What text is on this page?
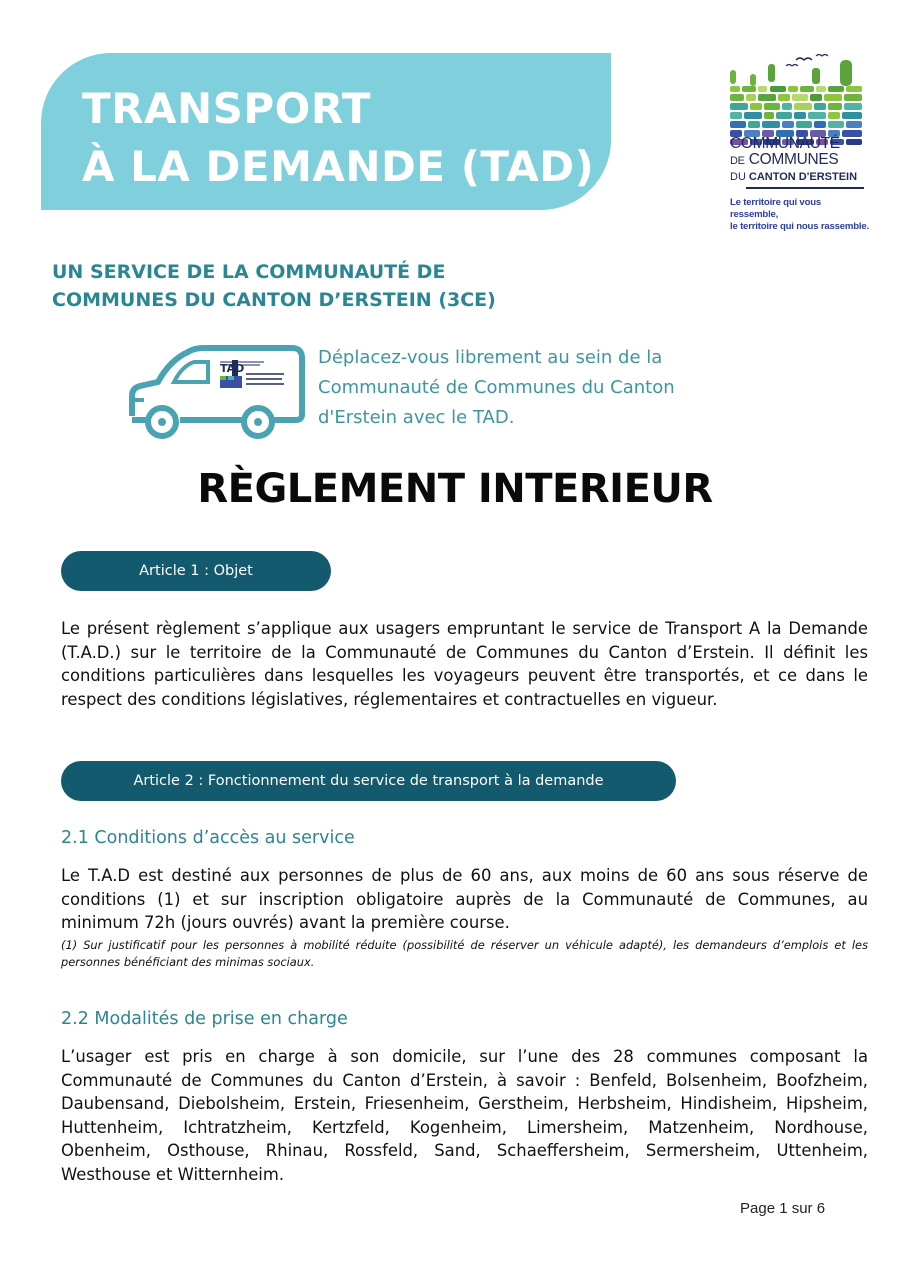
TRANSPORT
À LA DEMANDE (TAD)	COMMUNAUTÉ
DE COMMUNES
DU CANTON D'ERSTEIN
Le territoire qui vous ressemble,
le territoire qui nous rassemble.
UN SERVICE DE LA COMMUNAUTÉ DE
COMMUNES DU CANTON D’ERSTEIN (3CE)
TAD
Déplacez-vous librement au sein de la
Communauté de Communes du Canton
d'Erstein avec le TAD.
RÈGLEMENT INTERIEUR
Article 1 : Objet

Le présent règlement s’applique aux usagers empruntant le service de Transport A la Demande (T.A.D.) sur le territoire de la Communauté de Communes du Canton d’Erstein. Il définit les conditions particulières dans lesquelles les voyageurs peuvent être transportés, et ce dans le respect des conditions législatives, réglementaires et contractuelles en vigueur.

Article 2 : Fonctionnement du service de transport à la demande
2.1 Conditions d’accès au service

Le T.A.D est destiné aux personnes de plus de 60 ans, aux moins de 60 ans sous réserve de conditions (1) et sur inscription obligatoire auprès de la Communauté de Communes, au minimum 72h (jours ouvrés) avant la première course.

(1) Sur justificatif pour les personnes à mobilité réduite (possibilité de réserver un véhicule adapté), les demandeurs d’emplois et les personnes bénéficiant des minimas sociaux.

2.2 Modalités de prise en charge

L’usager est pris en charge à son domicile, sur l’une des 28 communes composant la Communauté de Communes du Canton d’Erstein, à savoir : Benfeld, Bolsenheim, Boofzheim, Daubensand, Diebolsheim, Erstein, Friesenheim, Gerstheim, Herbsheim, Hindisheim, Hipsheim, Huttenheim, Ichtratzheim, Kertzfeld, Kogenheim, Limersheim, Matzenheim, Nordhouse, Obenheim, Osthouse, Rhinau, Rossfeld, Sand, Schaeffersheim, Sermersheim, Uttenheim, Westhouse et Witternheim.

Page 1 sur 6
